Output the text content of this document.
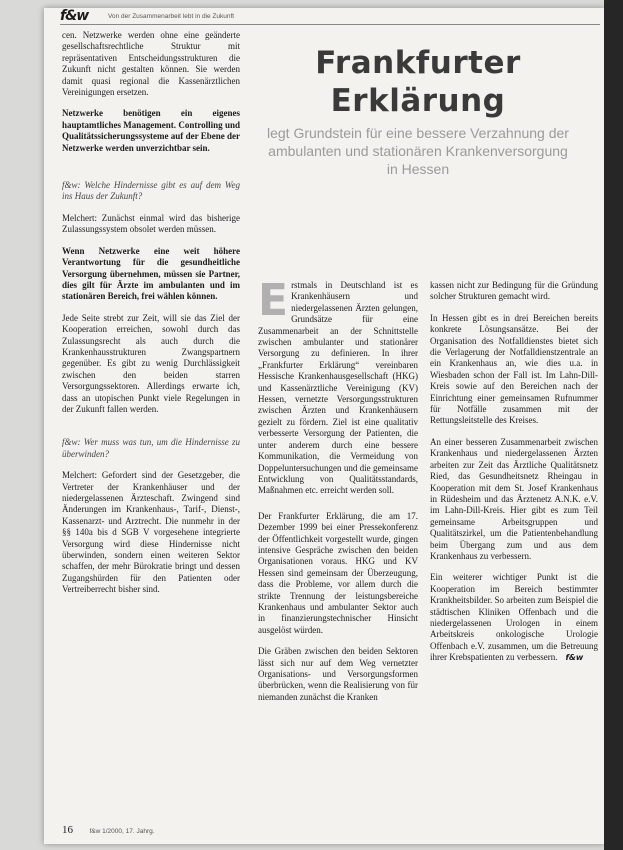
f&w	Von der Zusammenarbeit lebt in die Zukunft

cen. Netzwerke werden ohne eine geänderte gesellschaftsrechtliche Struktur mit repräsentativen Entscheidungsstrukturen die Zukunft nicht gestalten können. Sie werden damit quasi regional die Kassenärztlichen Vereinigungen ersetzen.

Netzwerke benötigen ein eigenes hauptamtliches Management. Controlling und Qualitätssicherungssysteme auf der Ebene der Netzwerke werden unverzichtbar sein.

f&w: Welche Hindernisse gibt es auf dem Weg ins Haus der Zukunft?

Melchert: Zunächst einmal wird das bisherige Zulassungssystem obsolet werden müssen.

Wenn Netzwerke eine weit höhere Verantwortung für die gesundheitliche Versorgung übernehmen, müssen sie Partner, dies gilt für Ärzte im ambulanten und im stationären Bereich, frei wählen können.

Jede Seite strebt zur Zeit, will sie das Ziel der Kooperation erreichen, sowohl durch das Zulassungsrecht als auch durch die Krankenhausstrukturen Zwangspartnern gegenüber. Es gibt zu wenig Durchlässigkeit zwischen den beiden starren Versorgungssektoren. Allerdings erwarte ich, dass an utopischen Punkt viele Regelungen in der Zukunft fallen werden.

f&w: Wer muss was tun, um die Hindernisse zu überwinden?

Melchert: Gefordert sind der Gesetzgeber, die Vertreter der Krankenhäuser und der niedergelassenen Ärzteschaft. Zwingend sind Änderungen im Krankenhaus-, Tarif-, Dienst-, Kassenarzt- und Arztrecht. Die nunmehr in der §§ 140a bis d SGB V vorgesehene integrierte Versorgung wird diese Hindernisse nicht überwinden, sondern einen weiteren Sektor schaffen, der mehr Bürokratie bringt und dessen Zugangshürden für den Patienten oder Vertreiberrecht bisher sind.

Frankfurter
Erklärung
legt Grundstein für eine bessere Verzahnung der ambulanten und stationären Krankenversorgung in Hessen

Erstmals in Deutschland ist es Krankenhäusern und niedergelassenen Ärzten gelungen, Grundsätze für eine Zusammenarbeit an der Schnittstelle zwischen ambulanter und stationärer Versorgung zu definieren. In ihrer „Frankfurter Erklärung“ vereinbaren Hessische Krankenhausgesellschaft (HKG) und Kassenärztliche Vereinigung (KV) Hessen, vernetzte Versorgungsstrukturen zwischen Ärzten und Krankenhäusern gezielt zu fördern. Ziel ist eine qualitativ verbesserte Versorgung der Patienten, die unter anderem durch eine bessere Kommunikation, die Vermeidung von Doppeluntersuchungen und die gemeinsame Entwicklung von Qualitätsstandards, Maßnahmen etc. erreicht werden soll.

Der Frankfurter Erklärung, die am 17. Dezember 1999 bei einer Pressekonferenz der Öffentlichkeit vorgestellt wurde, gingen intensive Gespräche zwischen den beiden Organisationen voraus. HKG und KV Hessen sind gemeinsam der Überzeugung, dass die Probleme, vor allem durch die strikte Trennung der leistungsbereiche Krankenhaus und ambulanter Sektor auch in finanzierungstechnischer Hinsicht ausgelöst würden.

Die Gräben zwischen den beiden Sektoren lässt sich nur auf dem Weg vernetzter Organisations- und Versorgungsformen überbrücken, wenn die Realisierung von für niemanden zunächst die Kranken

kassen nicht zur Bedingung für die Gründung solcher Strukturen gemacht wird.

In Hessen gibt es in drei Bereichen bereits konkrete Lösungsansätze. Bei der Organisation des Notfalldienstes bietet sich die Verlagerung der Notfalldienstzentrale an ein Krankenhaus an, wie dies u.a. in Wiesbaden schon der Fall ist. Im Lahn-Dill-Kreis sowie auf den Bereichen nach der Einrichtung einer gemeinsamen Rufnummer für Notfälle zusammen mit der Rettungsleitstelle des Kreises.

An einer besseren Zusammenarbeit zwischen Krankenhaus und niedergelassenen Ärzten arbeiten zur Zeit das Ärztliche Qualitätsnetz Ried, das Gesundheitsnetz Rheingau in Kooperation mit dem St. Josef Krankenhaus in Rüdesheim und das Ärztenetz A.N.K. e.V. im Lahn-Dill-Kreis. Hier gibt es zum Teil gemeinsame Arbeitsgruppen und Qualitätszirkel, um die Patientenbehandlung beim Übergang zum und aus dem Krankenhaus zu verbessern.

Ein weiterer wichtiger Punkt ist die Kooperation im Bereich bestimmter Krankheitsbilder. So arbeiten zum Beispiel die städtischen Kliniken Offenbach und die niedergelassenen Urologen in einem Arbeitskreis onkologische Urologie Offenbach e.V. zusammen, um die Betreuung ihrer Krebspatienten zu verbessern. f&w

16	f&w 1/2000, 17. Jahrg.
